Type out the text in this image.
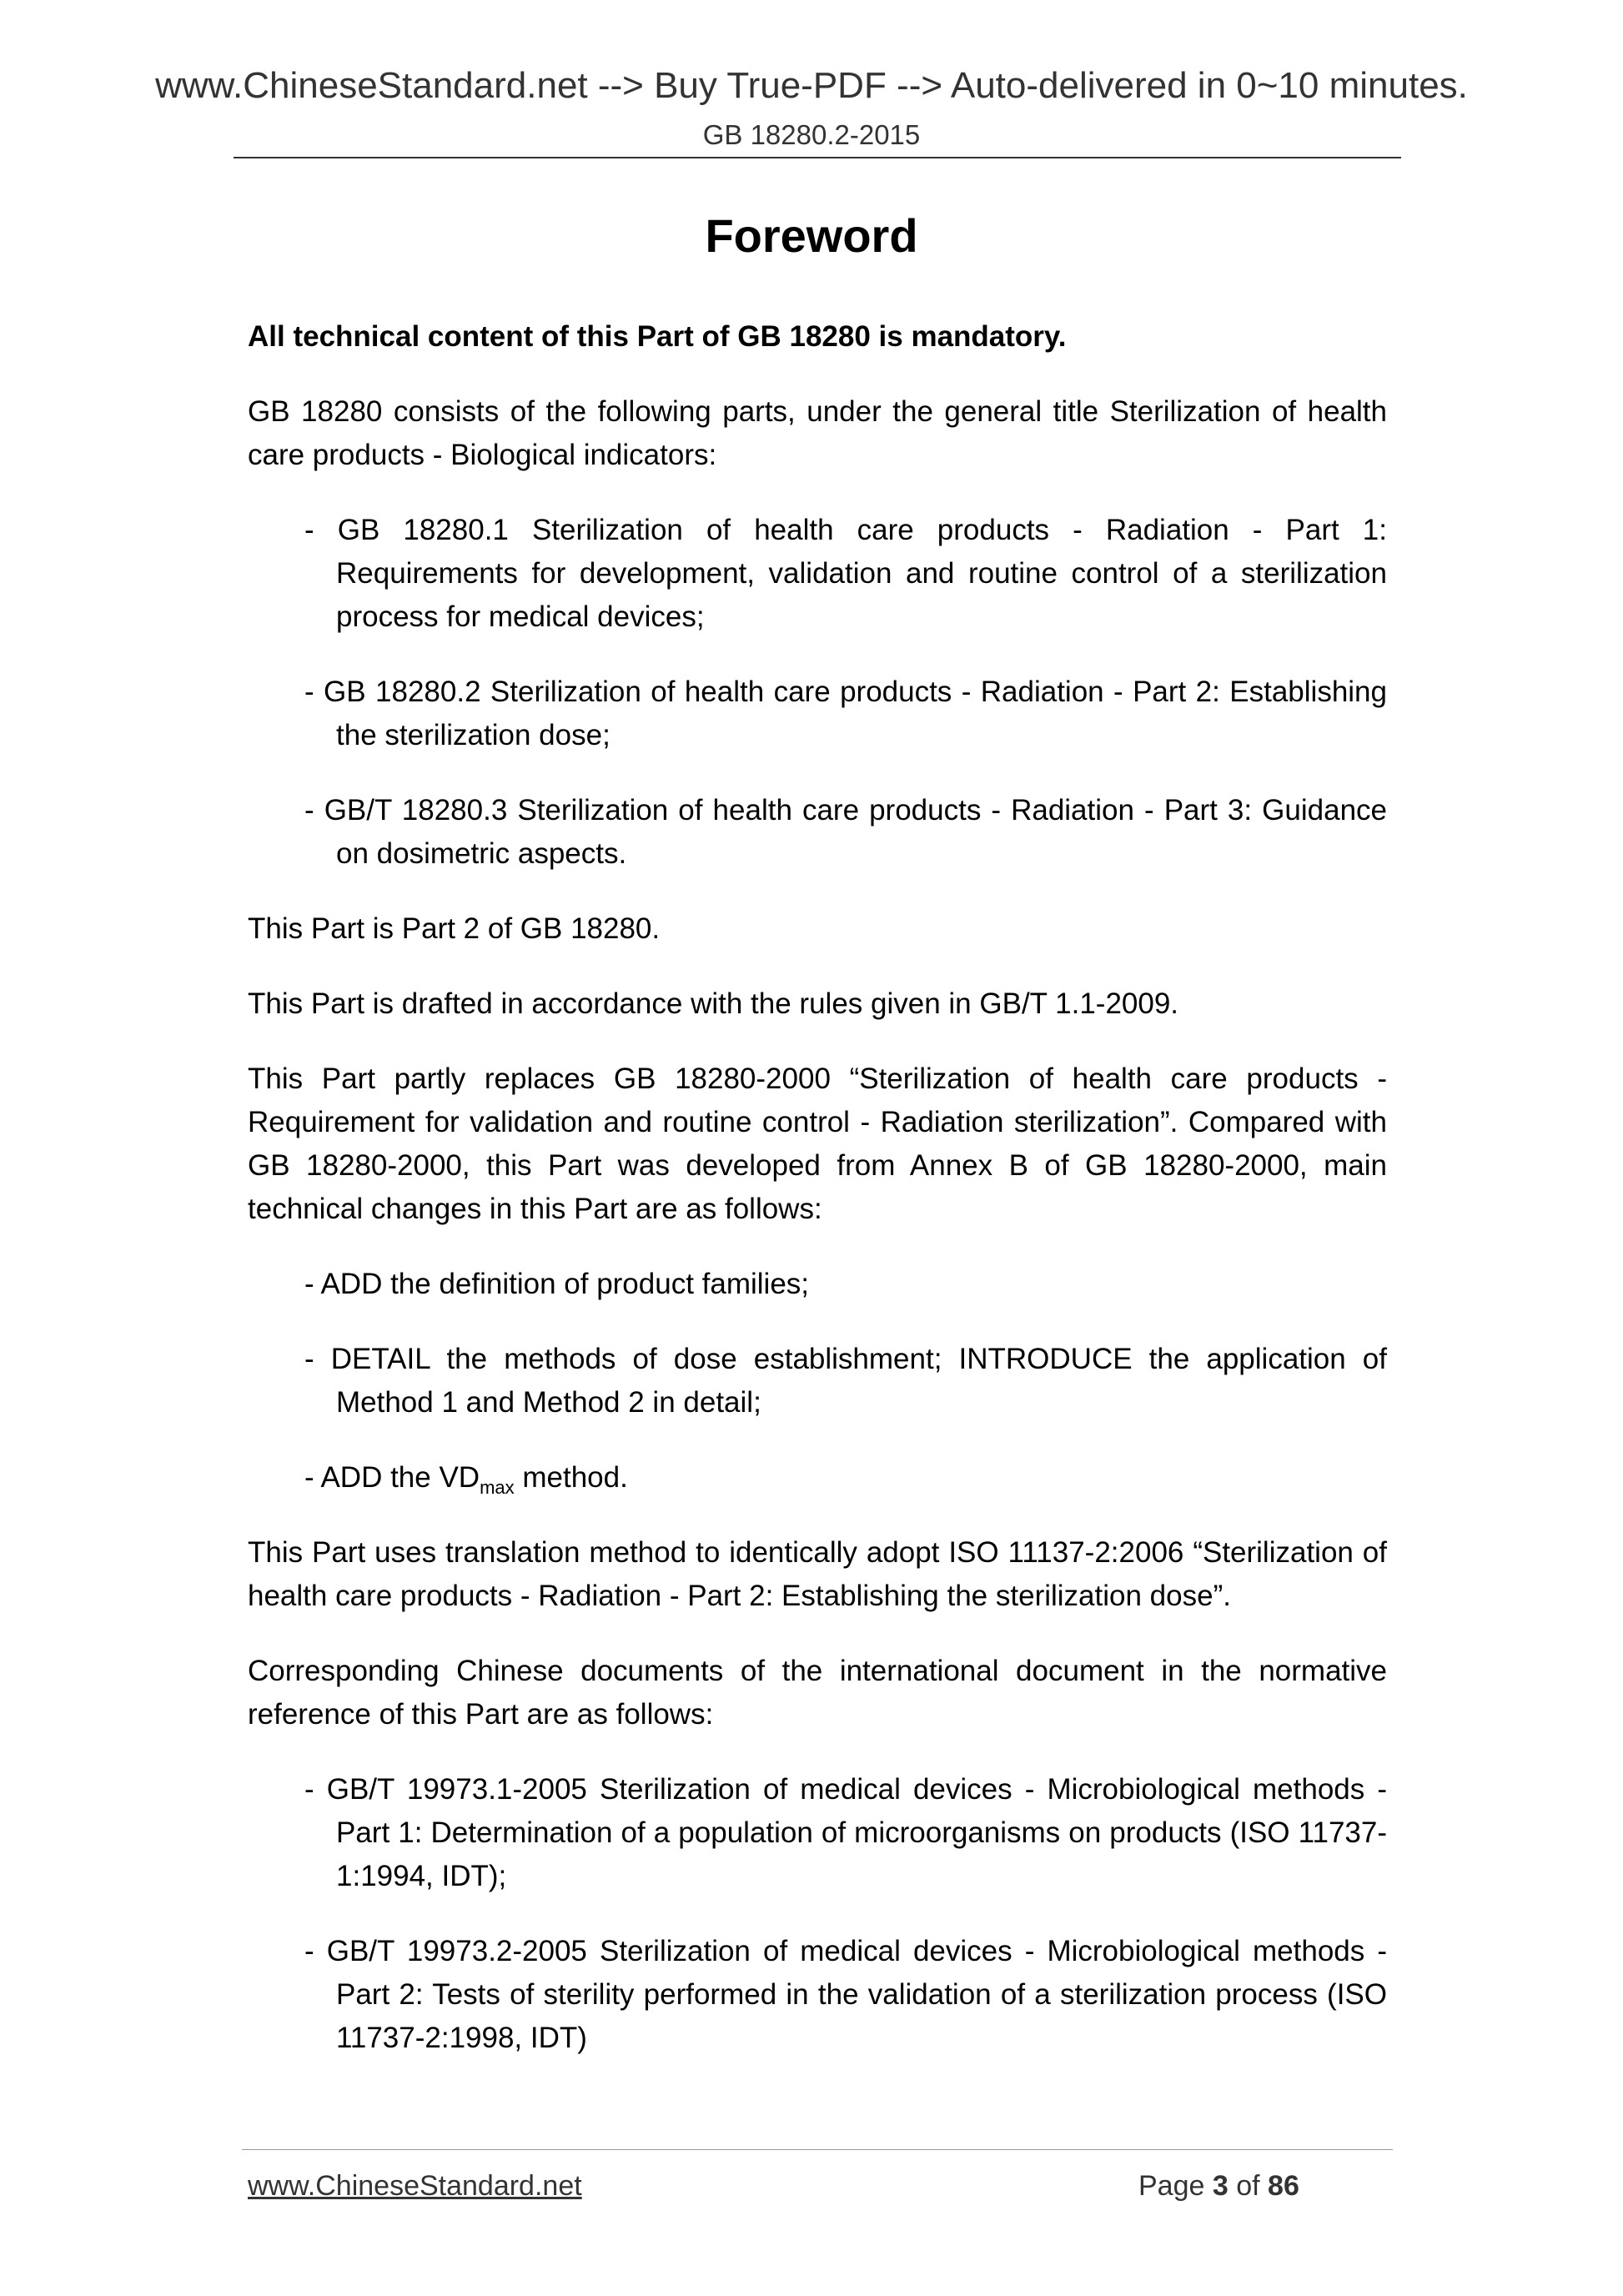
www.ChineseStandard.net --> Buy True-PDF --> Auto-delivered in 0~10 minutes.
GB 18280.2-2015
Foreword

All technical content of this Part of GB 18280 is mandatory.

GB 18280 consists of the following parts, under the general title Sterilization of health care products - Biological indicators:

- GB 18280.1 Sterilization of health care products - Radiation - Part 1: Requirements for development, validation and routine control of a sterilization process for medical devices;

- GB 18280.2 Sterilization of health care products - Radiation - Part 2: Establishing the sterilization dose;

- GB/T 18280.3 Sterilization of health care products - Radiation - Part 3: Guidance on dosimetric aspects.

This Part is Part 2 of GB 18280.

This Part is drafted in accordance with the rules given in GB/T 1.1-2009.

This Part partly replaces GB 18280-2000 “Sterilization of health care products - Requirement for validation and routine control - Radiation sterilization”. Compared with GB 18280-2000, this Part was developed from Annex B of GB 18280-2000, main technical changes in this Part are as follows:

- ADD the definition of product families;

- DETAIL the methods of dose establishment; INTRODUCE the application of Method 1 and Method 2 in detail;

- ADD the $VD_{max}$ method.

This Part uses translation method to identically adopt ISO 11137-2:2006 “Sterilization of health care products - Radiation - Part 2: Establishing the sterilization dose”.

Corresponding Chinese documents of the international document in the normative reference of this Part are as follows:

- GB/T 19973.1-2005 Sterilization of medical devices - Microbiological methods - Part 1: Determination of a population of microorganisms on products (ISO 11737-1:1994, IDT);

- GB/T 19973.2-2005 Sterilization of medical devices - Microbiological methods - Part 2: Tests of sterility performed in the validation of a sterilization process (ISO 11737-2:1998, IDT)

www.ChineseStandard.net	Page 3 of 86
